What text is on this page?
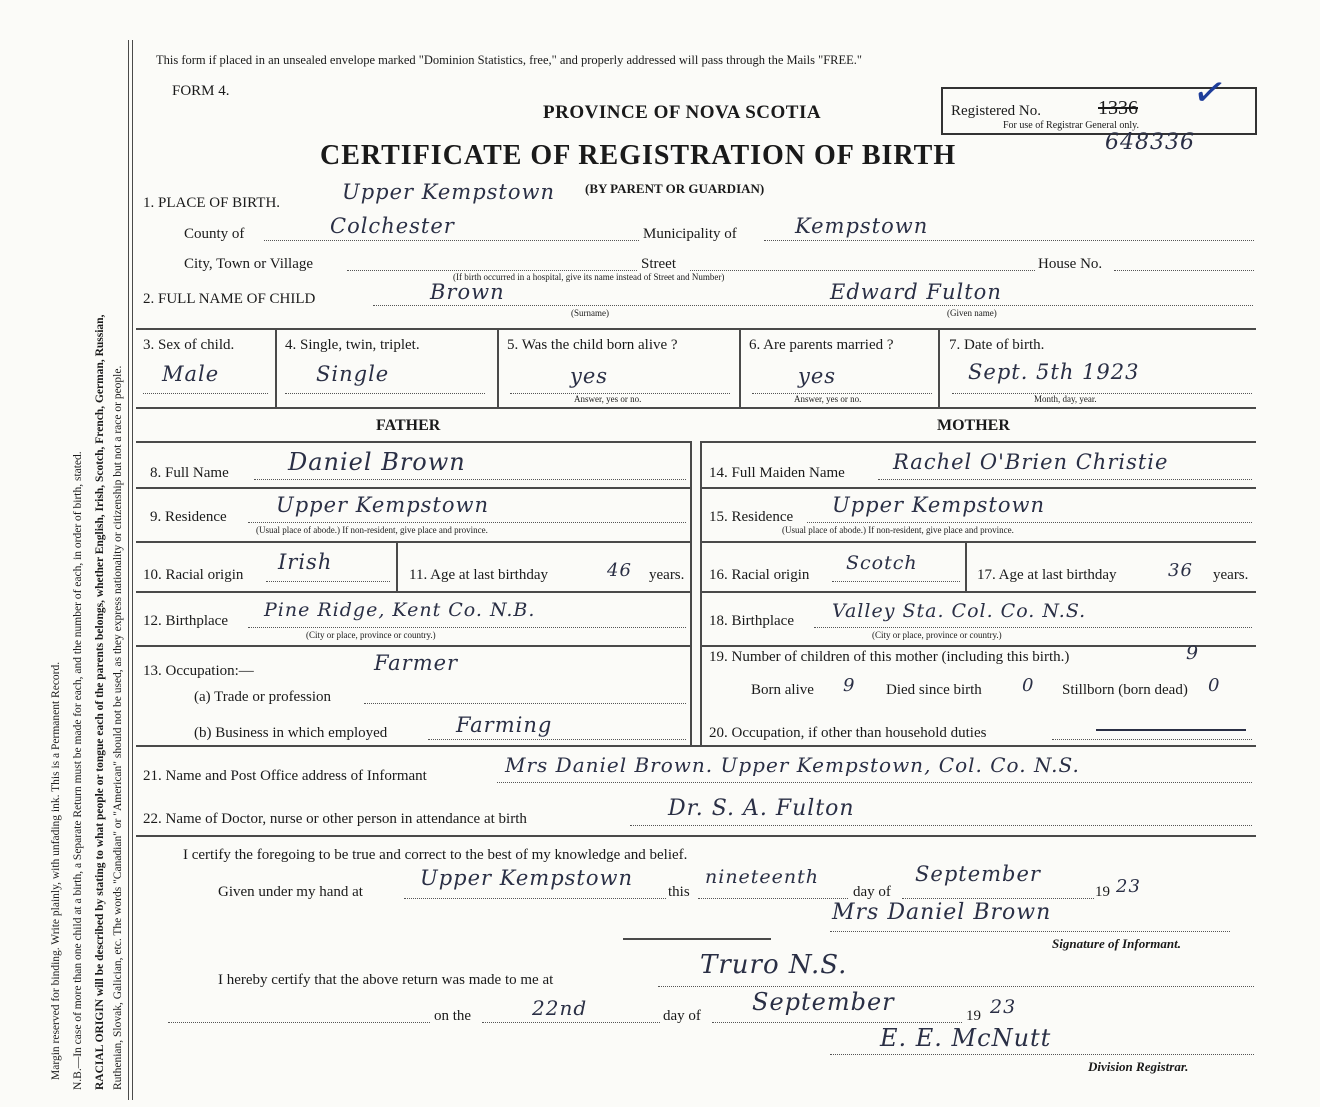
Margin reserved for binding. Write plainly, with unfading ink. This is a Permanent Record. N.B.—In case of more than one child at a birth, a Separate Return must be made for each, and the number of each, in order of birth, stated. RACIAL ORIGIN will be described by stating to what people or tongue each of the parents belongs, whether English, Irish, Scotch, French, German, Russian, Ruthenian, Slovak, Galician, etc. The words "Canadian" or "American" should not be used, as they express nationality or citizenship but not a race or people.
This form if placed in an unsealed envelope marked "Dominion Statistics, free," and properly addressed will pass through the Mails "FREE."
FORM 4.
PROVINCE OF NOVA SCOTIA
CERTIFICATE OF REGISTRATION OF BIRTH
(BY PARENT OR GUARDIAN)
Registered No.	1336
For use of Registrar General only.
✓
648336
1. PLACE OF BIRTH.	Upper Kempstown
County of	Colchester	Municipality of	Kempstown
City, Town or Village	Street	House No.
(If birth occurred in a hospital, give its name instead of Street and Number)
2. FULL NAME OF CHILD	Brown
(Surname)
Edward Fulton
(Given name)
3. Sex of child.
Male
4. Single, twin, triplet.
Single
5. Was the child born alive ?
yes
Answer, yes or no.
6. Are parents married ?
yes
Answer, yes or no.
7. Date of birth.
Sept. 5th 1923
Month, day, year.
FATHER	MOTHER
8. Full Name Daniel Brown
9. Residence Upper Kempstown
(Usual place of abode.) If non-resident, give place and province.
10. Racial origin
Irish
11. Age at last birthday	46 years.
12. Birthplace Pine Ridge, Kent Co. N.B.
(City or place, province or country.)
13. Occupation:—	Farmer
(a) Trade or profession
(b) Business in which employed	Farming
14. Full Maiden Name Rachel O'Brien Christie
15. Residence Upper Kempstown
(Usual place of abode.) If non-resident, give place and province.
16. Racial origin
Scotch
17. Age at last birthday	36 years.
18. Birthplace Valley Sta. Col. Co. N.S.
(City or place, province or country.)
19. Number of children of this mother (including this birth.)	9
Born alive 9 Died since birth 0 Stillborn (born dead) 0
20. Occupation, if other than household duties
21. Name and Post Office address of Informant	Mrs Daniel Brown. Upper Kempstown, Col. Co. N.S.
22. Name of Doctor, nurse or other person in attendance at birth	Dr. S. A. Fulton
I certify the foregoing to be true and correct to the best of my knowledge and belief.
Given under my hand at
Upper Kempstown
this
nineteenth
day of
September
19 23
Mrs Daniel Brown
Signature of Informant.
I hereby certify that the above return was made to me at	Truro N.S.
on the	22nd	day of September	19 23
E. E. McNutt
Division Registrar.
